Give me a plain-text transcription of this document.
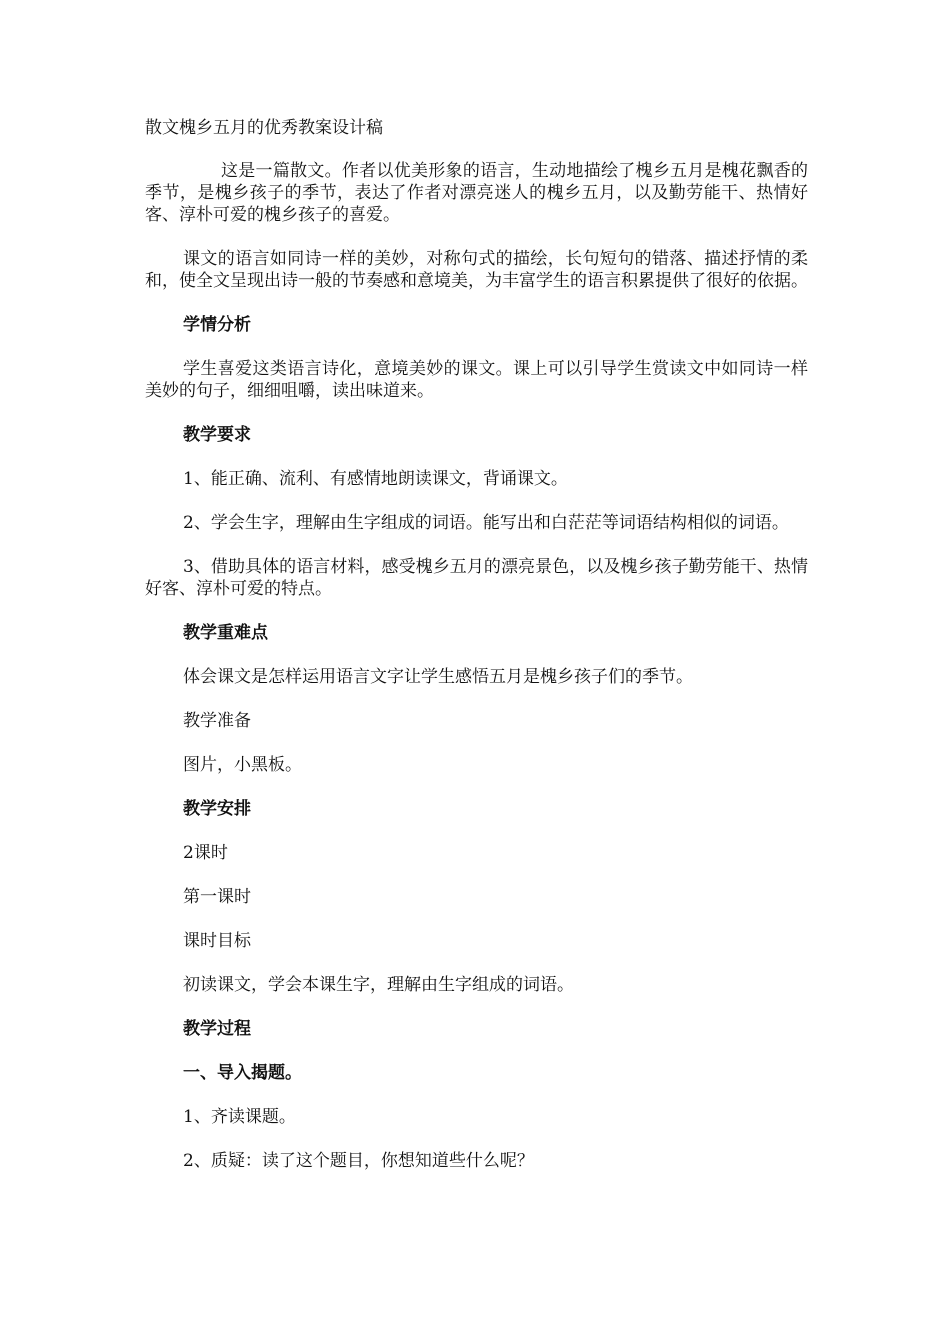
散文槐乡五月的优秀教案设计稿

这是一篇散文。作者以优美形象的语言，生动地描绘了槐乡五月是槐花飘香的季节，是槐乡孩子的季节，表达了作者对漂亮迷人的槐乡五月，以及勤劳能干、热情好客、淳朴可爱的槐乡孩子的喜爱。

课文的语言如同诗一样的美妙，对称句式的描绘，长句短句的错落、描述抒情的柔和，使全文呈现出诗一般的节奏感和意境美，为丰富学生的语言积累提供了很好的依据。

学情分析

学生喜爱这类语言诗化，意境美妙的课文。课上可以引导学生赏读文中如同诗一样美妙的句子，细细咀嚼，读出味道来。

教学要求

1、能正确、流利、有感情地朗读课文，背诵课文。

2、学会生字，理解由生字组成的词语。能写出和白茫茫等词语结构相似的词语。

3、借助具体的语言材料，感受槐乡五月的漂亮景色，以及槐乡孩子勤劳能干、热情好客、淳朴可爱的特点。

教学重难点

体会课文是怎样运用语言文字让学生感悟五月是槐乡孩子们的季节。

教学准备

图片，小黑板。

教学安排

2课时

第一课时

课时目标

初读课文，学会本课生字，理解由生字组成的词语。

教学过程

一、导入揭题。

1、齐读课题。

2、质疑：读了这个题目，你想知道些什么呢？
